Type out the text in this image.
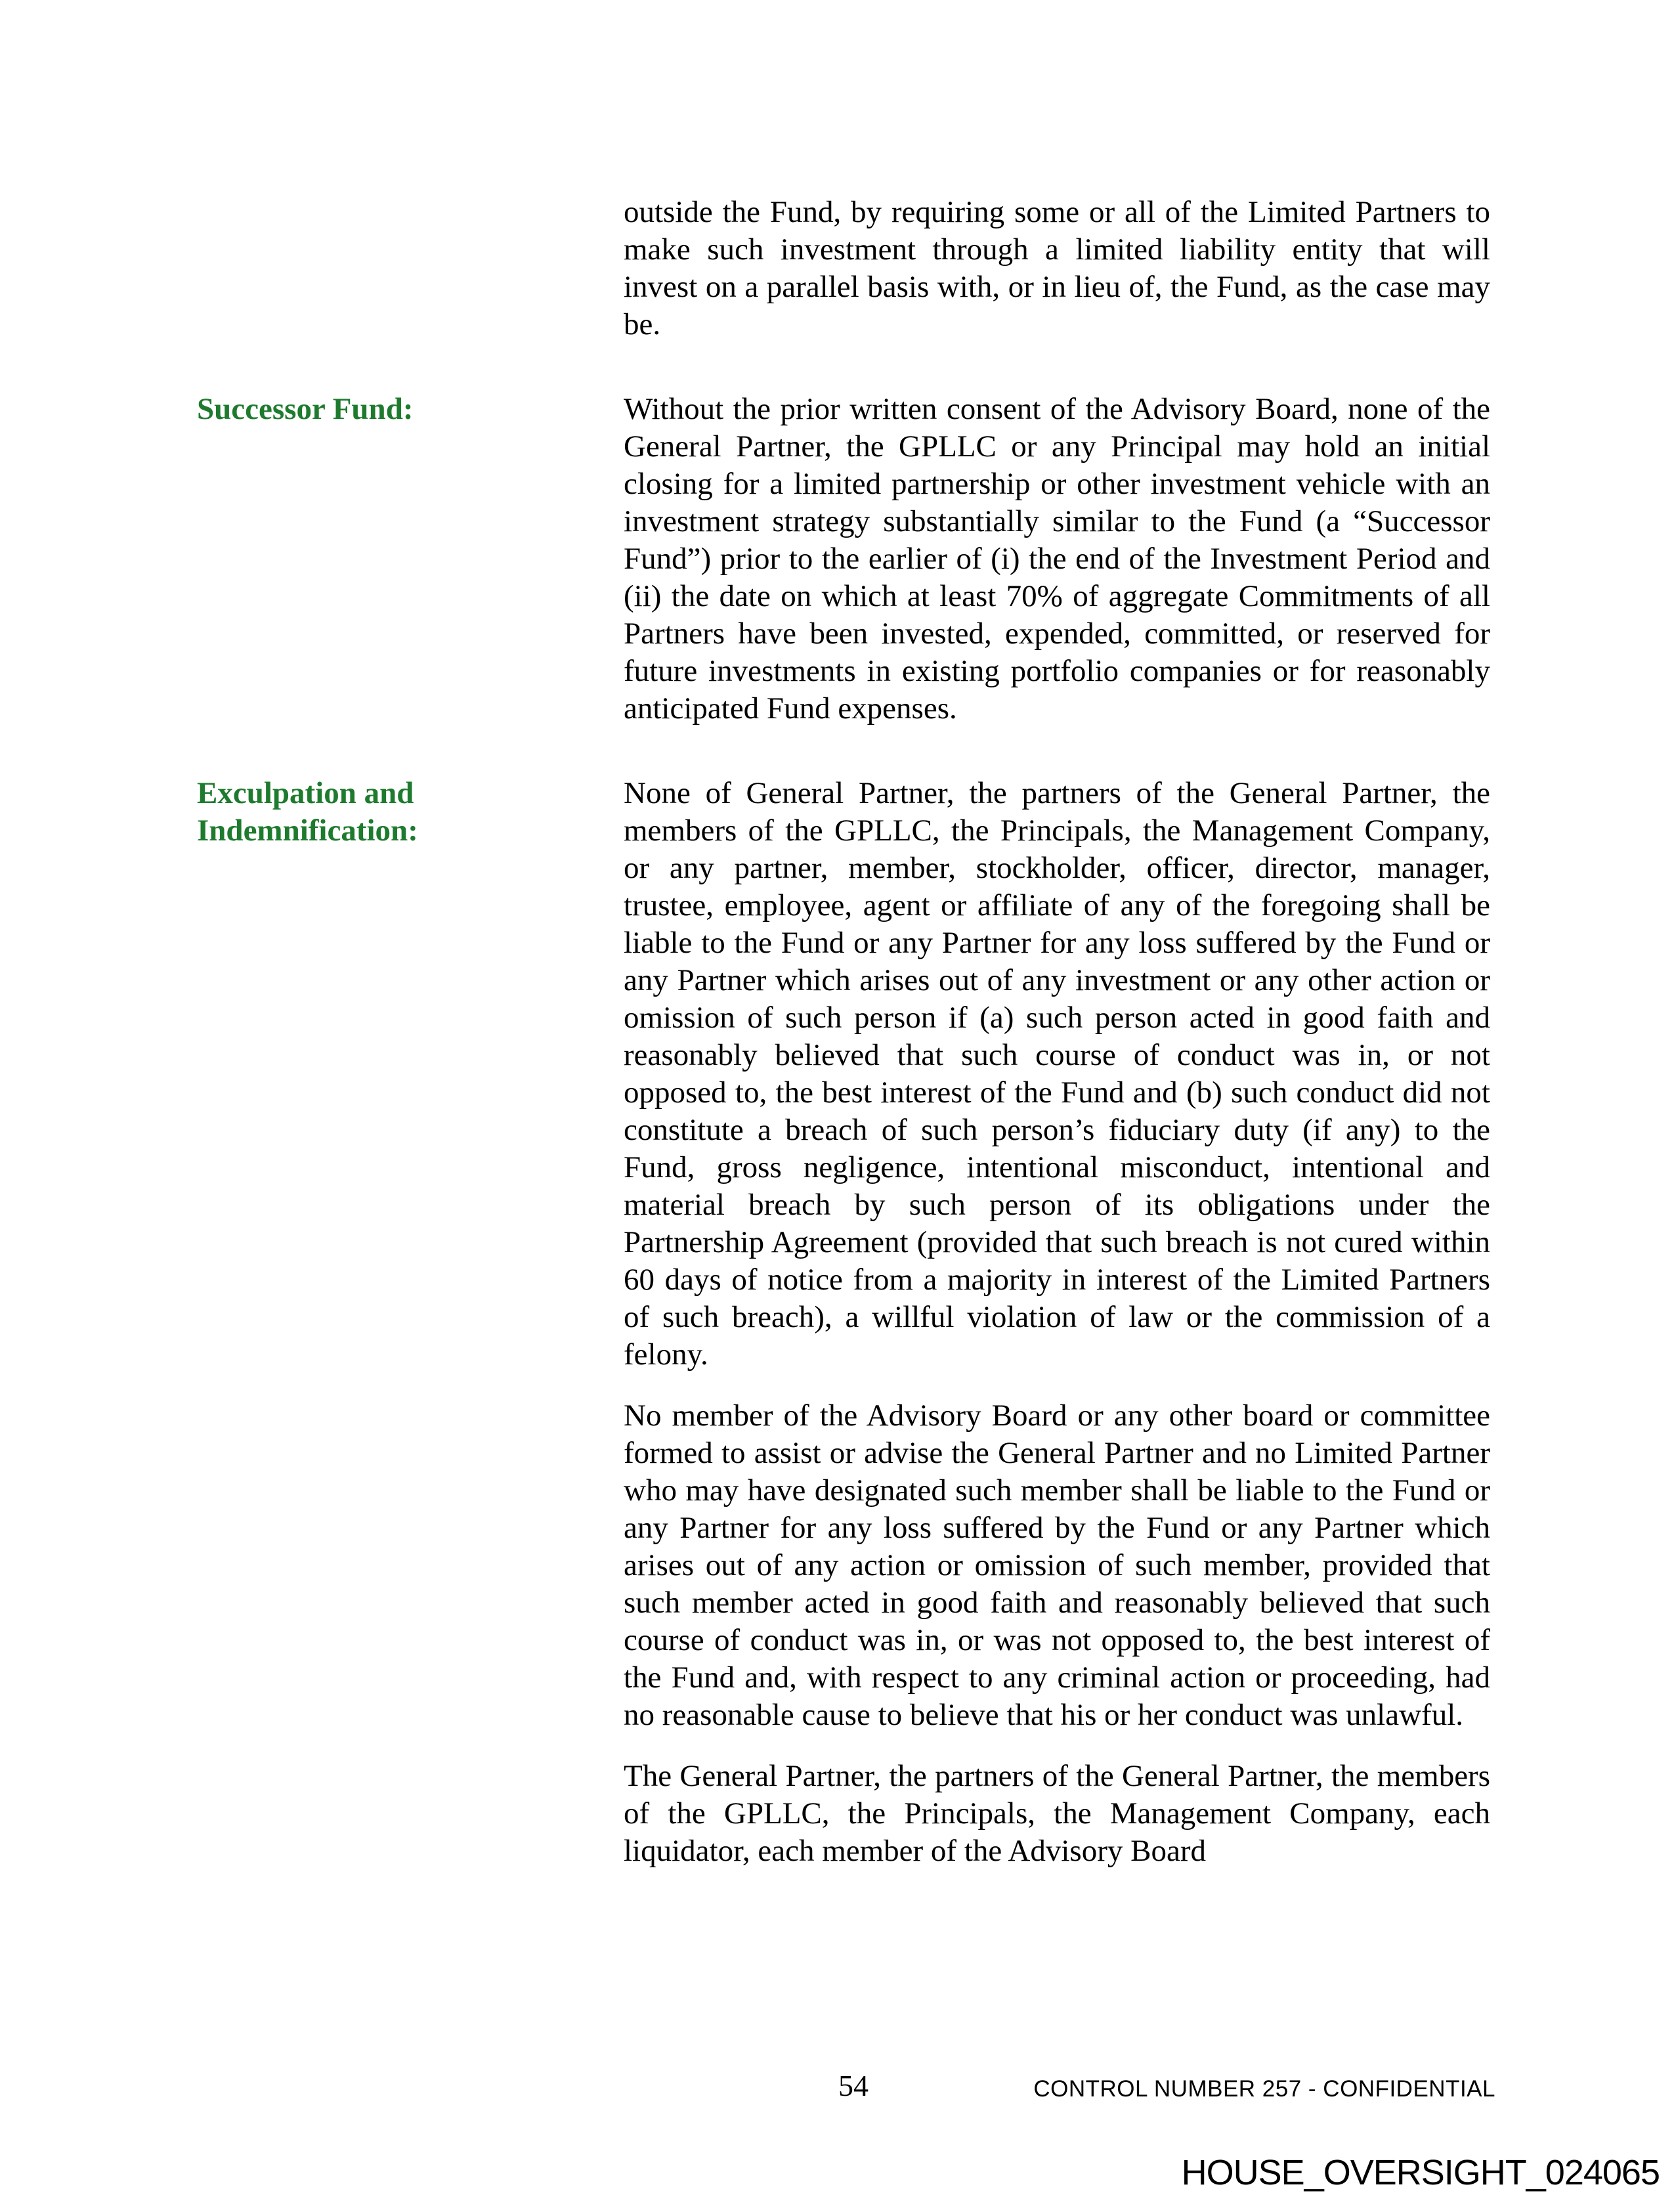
outside the Fund, by requiring some or all of the Limited Partners to make such investment through a limited liability entity that will invest on a parallel basis with, or in lieu of, the Fund, as the case may be.

Successor Fund:	Without the prior written consent of the Advisory Board, none of the General Partner, the GPLLC or any Principal may hold an initial closing for a limited partnership or other investment vehicle with an investment strategy substantially similar to the Fund (a “Successor Fund”) prior to the earlier of (i) the end of the Investment Period and (ii) the date on which at least 70% of aggregate Commitments of all Partners have been invested, expended, committed, or reserved for future investments in existing portfolio companies or for reasonably anticipated Fund expenses.

Exculpation and Indemnification:

None of General Partner, the partners of the General Partner, the members of the GPLLC, the Principals, the Management Company, or any partner, member, stockholder, officer, director, manager, trustee, employee, agent or affiliate of any of the foregoing shall be liable to the Fund or any Partner for any loss suffered by the Fund or any Partner which arises out of any investment or any other action or omission of such person if (a) such person acted in good faith and reasonably believed that such course of conduct was in, or not opposed to, the best interest of the Fund and (b) such conduct did not constitute a breach of such person’s fiduciary duty (if any) to the Fund, gross negligence, intentional misconduct, intentional and material breach by such person of its obligations under the Partnership Agreement (provided that such breach is not cured within 60 days of notice from a majority in interest of the Limited Partners of such breach), a willful violation of law or the commission of a felony.

No member of the Advisory Board or any other board or committee formed to assist or advise the General Partner and no Limited Partner who may have designated such member shall be liable to the Fund or any Partner for any loss suffered by the Fund or any Partner which arises out of any action or omission of such member, provided that such member acted in good faith and reasonably believed that such course of conduct was in, or was not opposed to, the best interest of the Fund and, with respect to any criminal action or proceeding, had no reasonable cause to believe that his or her conduct was unlawful.

The General Partner, the partners of the General Partner, the members of the GPLLC, the Principals, the Management Company, each liquidator, each member of the Advisory Board

54	CONTROL NUMBER 257 - CONFIDENTIAL
HOUSE_OVERSIGHT_024065
